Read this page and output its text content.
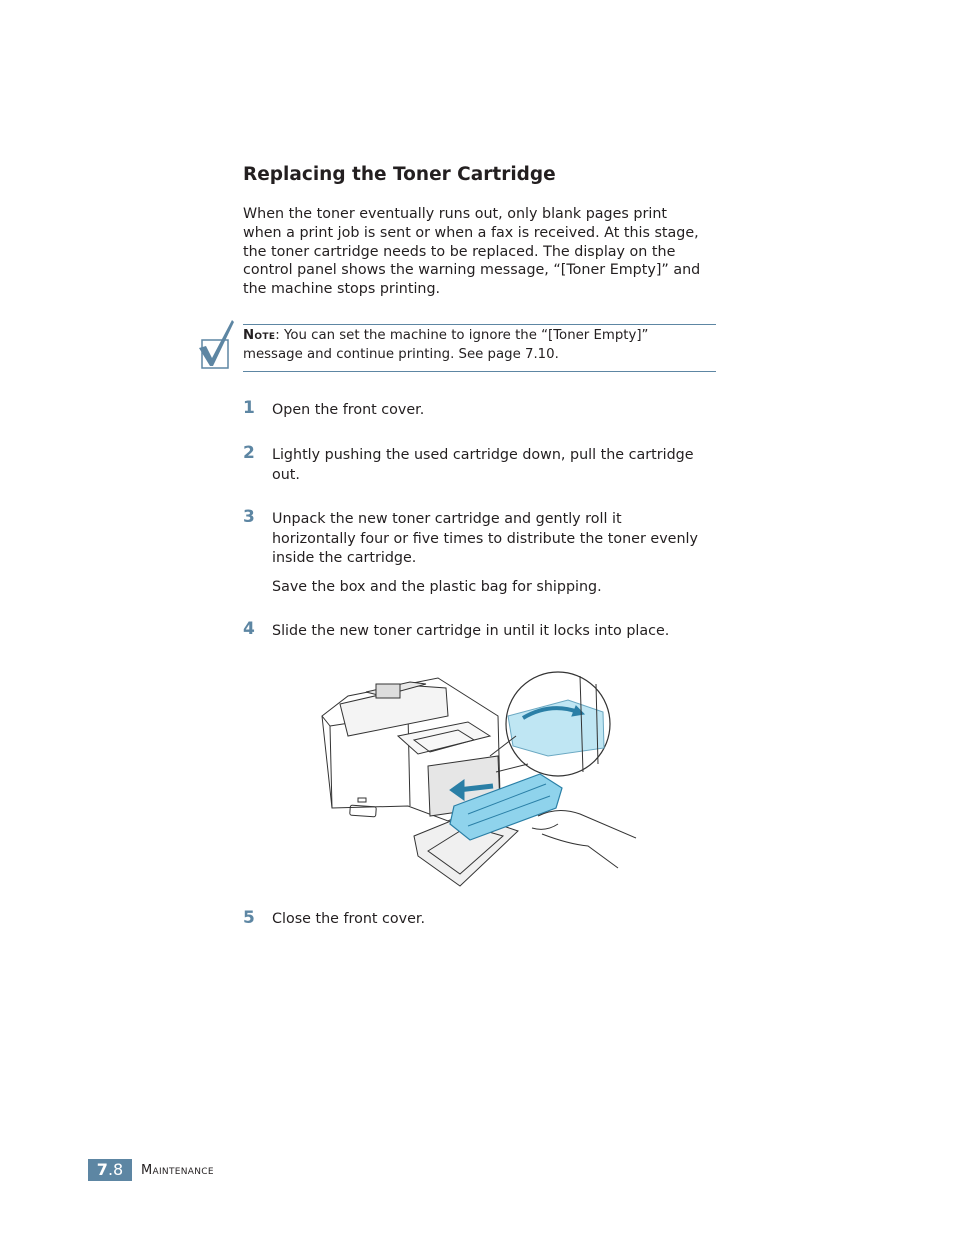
Replacing the Toner Cartridge
When the toner eventually runs out, only blank pages print
when a print job is sent or when a fax is received. At this stage,
the toner cartridge needs to be replaced. The display on the
control panel shows the warning message, “[Toner Empty]” and
the machine stops printing.
Note: You can set the machine to ignore the “[Toner Empty]”
message and continue printing. See page 7.10.
1 Open the front cover.
2 Lightly pushing the used cartridge down, pull the cartridge
out.
3 Unpack the new toner cartridge and gently roll it
horizontally four or five times to distribute the toner evenly
inside the cartridge.
Save the box and the plastic bag for shipping.
4 Slide the new toner cartridge in until it locks into place.
5 Close the front cover.
7.8	Maintenance
